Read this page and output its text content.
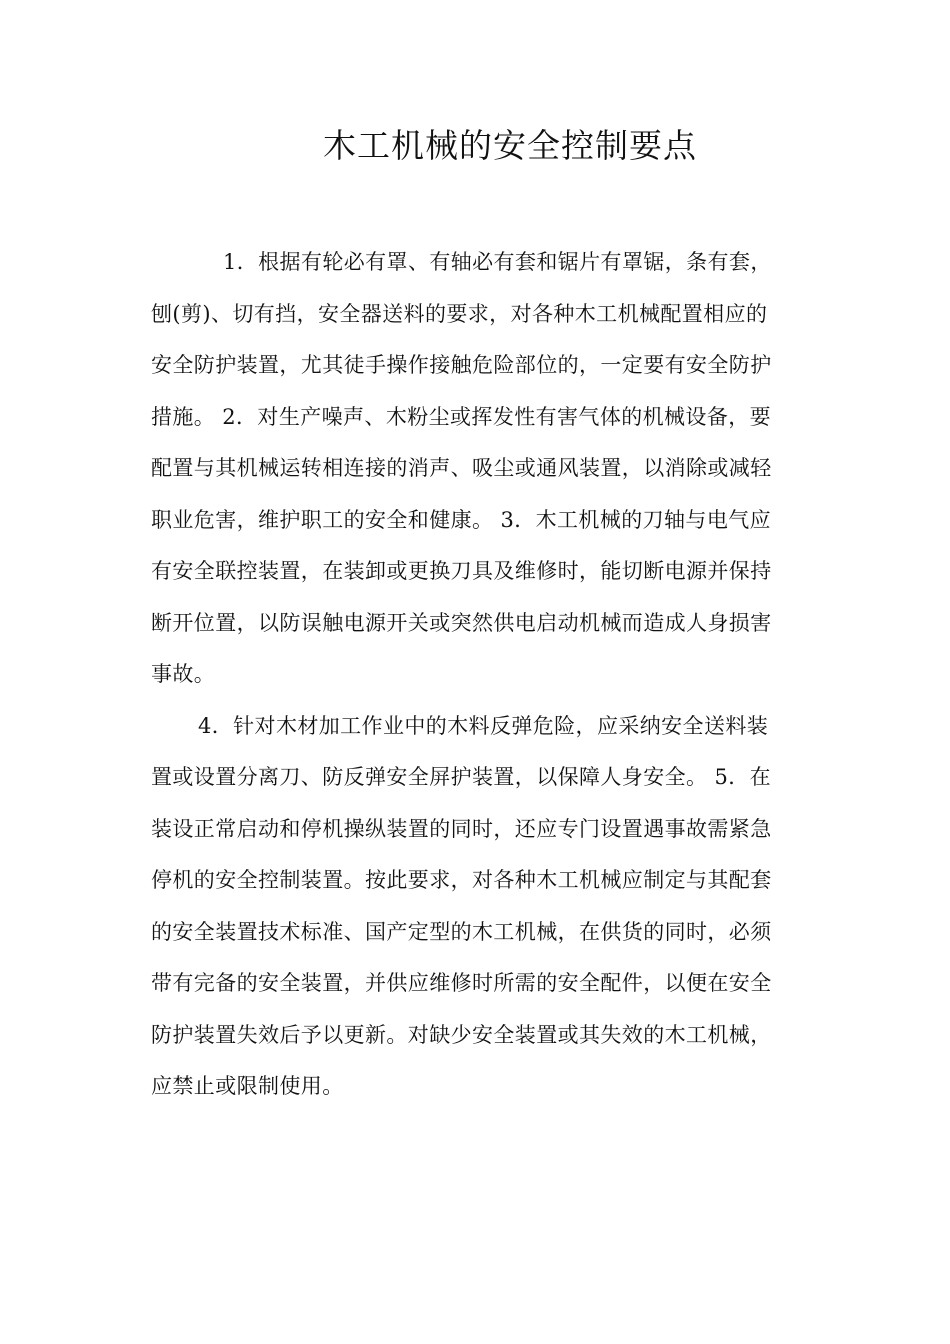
木工机械的安全控制要点
1．根据有轮必有罩、有轴必有套和锯片有罩锯，条有套，
刨(剪)、切有挡，安全器送料的要求，对各种木工机械配置相应的
安全防护装置，尤其徒手操作接触危险部位的，一定要有安全防护
措施。 2．对生产噪声、木粉尘或挥发性有害气体的机械设备，要
配置与其机械运转相连接的消声、吸尘或通风装置，以消除或减轻
职业危害，维护职工的安全和健康。 3．木工机械的刀轴与电气应
有安全联控装置，在装卸或更换刀具及维修时，能切断电源并保持
断开位置，以防误触电源开关或突然供电启动机械而造成人身损害
事故。
4．针对木材加工作业中的木料反弹危险，应采纳安全送料装
置或设置分离刀、防反弹安全屏护装置，以保障人身安全。 5．在
装设正常启动和停机操纵装置的同时，还应专门设置遇事故需紧急
停机的安全控制装置。按此要求，对各种木工机械应制定与其配套
的安全装置技术标准、国产定型的木工机械，在供货的同时，必须
带有完备的安全装置，并供应维修时所需的安全配件，以便在安全
防护装置失效后予以更新。对缺少安全装置或其失效的木工机械，
应禁止或限制使用。
